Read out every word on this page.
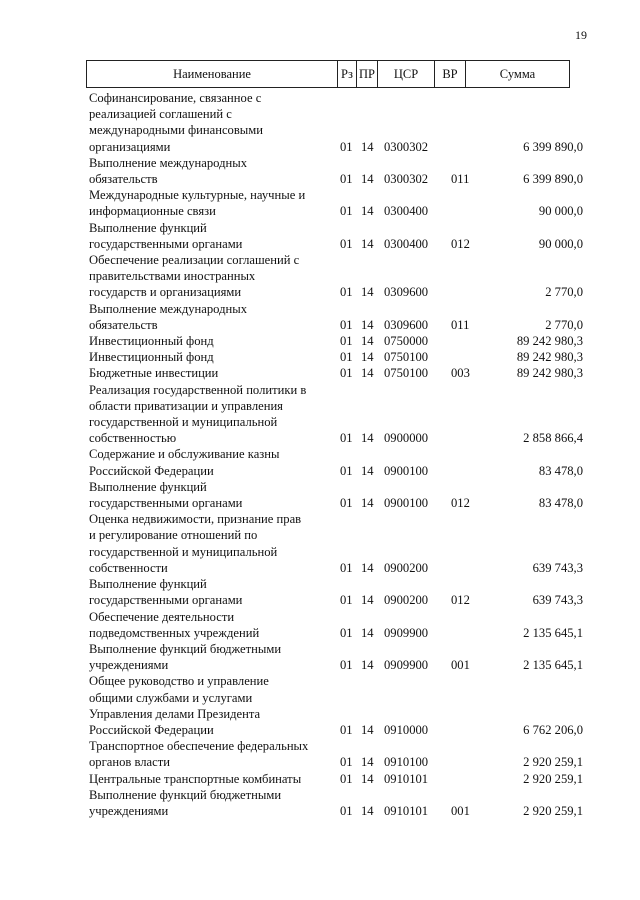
19
Наименование	Рз	ПР	ЦСР	ВР	Сумма
Софинансирование, связанное с
реализацией соглашений с
международными финансовыми
организациями	01 14 0300302	6 399 890,0
Выполнение международных
обязательств	01 14 0300302 011	6 399 890,0
Международные культурные, научные и
информационные связи	01 14 0300400	90 000,0
Выполнение функций
государственными органами	01 14 0300400 012	90 000,0
Обеспечение реализации соглашений с
правительствами иностранных
государств и организациями	01 14 0309600	2 770,0
Выполнение международных
обязательств	01 14 0309600 011	2 770,0
Инвестиционный фонд	01 14 0750000	89 242 980,3
Инвестиционный фонд	01 14 0750100	89 242 980,3
Бюджетные инвестиции	01 14 0750100 003	89 242 980,3
Реализация государственной политики в
области приватизации и управления
государственной и муниципальной
собственностью	01 14 0900000	2 858 866,4
Содержание и обслуживание казны
Российской Федерации	01 14 0900100	83 478,0
Выполнение функций
государственными органами	01 14 0900100 012	83 478,0
Оценка недвижимости, признание прав
и регулирование отношений по
государственной и муниципальной
собственности	01 14 0900200	639 743,3
Выполнение функций
государственными органами	01 14 0900200 012	639 743,3
Обеспечение деятельности
подведомственных учреждений	01 14 0909900	2 135 645,1
Выполнение функций бюджетными
учреждениями	01 14 0909900 001	2 135 645,1
Общее руководство и управление
общими службами и услугами
Управления делами Президента
Российской Федерации	01 14 0910000	6 762 206,0
Транспортное обеспечение федеральных
органов власти	01 14 0910100	2 920 259,1
Центральные транспортные комбинаты	01 14 0910101	2 920 259,1
Выполнение функций бюджетными
учреждениями	01 14 0910101 001	2 920 259,1
